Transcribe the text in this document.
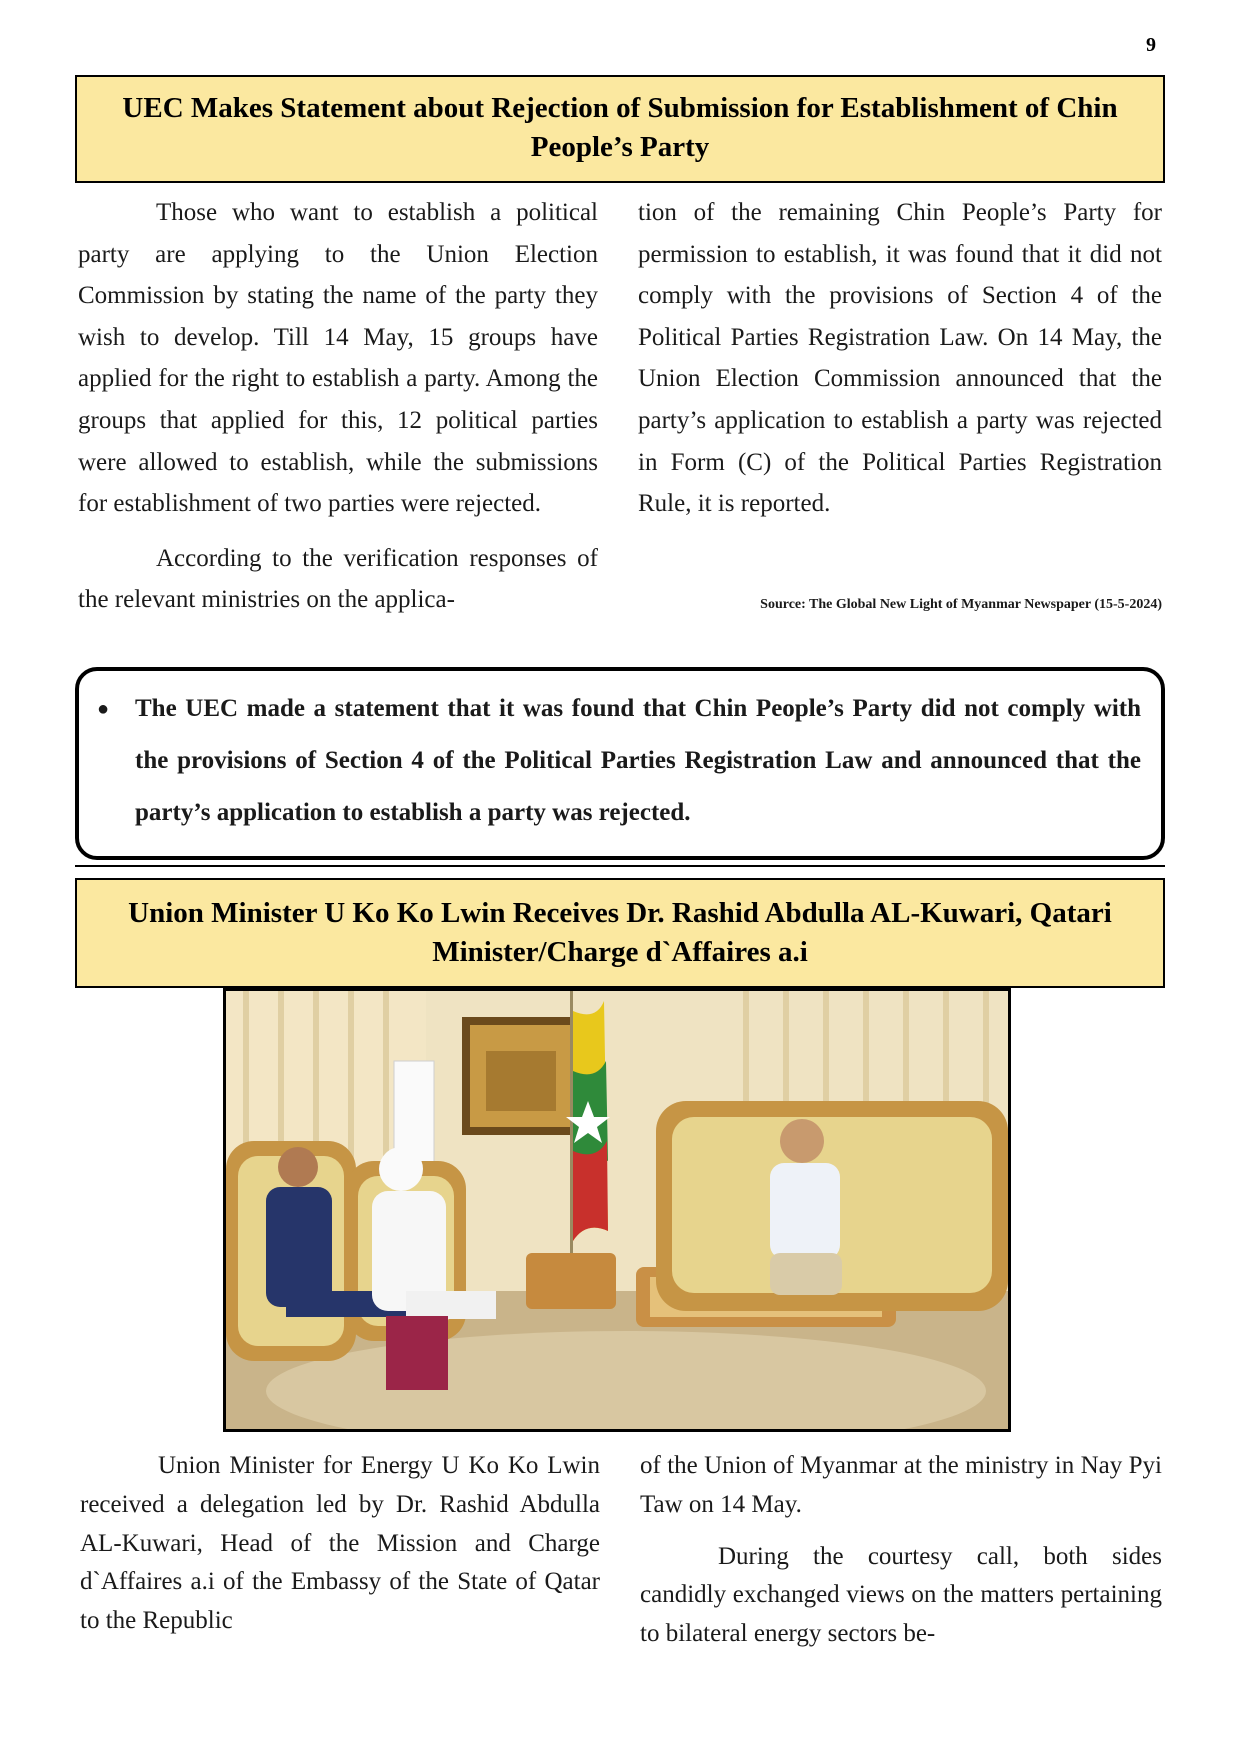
9
UEC Makes Statement about Rejection of Submission for Establishment of Chin
People’s Party

Those who want to establish a political party are applying to the Union Election Commission by stating the name of the party they wish to develop. Till 14 May, 15 groups have applied for the right to establish a party. Among the groups that applied for this, 12 political parties were allowed to establish, while the submissions for establishment of two parties were rejected.

According to the verification responses of the relevant ministries on the applica-

tion of the remaining Chin People’s Party for permission to establish, it was found that it did not comply with the provisions of Section 4 of the Political Parties Registration Law. On 14 May, the Union Election Commission announced that the party’s application to establish a party was rejected in Form (C) of the Political Parties Registration Rule, it is reported.

Source: The Global New Light of Myanmar Newspaper (15-5-2024)
●	The UEC made a statement that it was found that Chin People’s Party did not comply with the provisions of Section 4 of the Political Parties Registration Law and announced that the party’s application to establish a party was rejected.
Union Minister U Ko Ko Lwin Receives Dr. Rashid Abdulla AL-Kuwari, Qatari
Minister/Charge d`Affaires a.i

Union Minister for Energy U Ko Ko Lwin received a delegation led by Dr. Rashid Abdulla AL-Kuwari, Head of the Mission and Charge d`Affaires a.i of the Embassy of the State of Qatar to the Republic

of the Union of Myanmar at the ministry in Nay Pyi Taw on 14 May.

During the courtesy call, both sides candidly exchanged views on the matters pertaining to bilateral energy sectors be-
